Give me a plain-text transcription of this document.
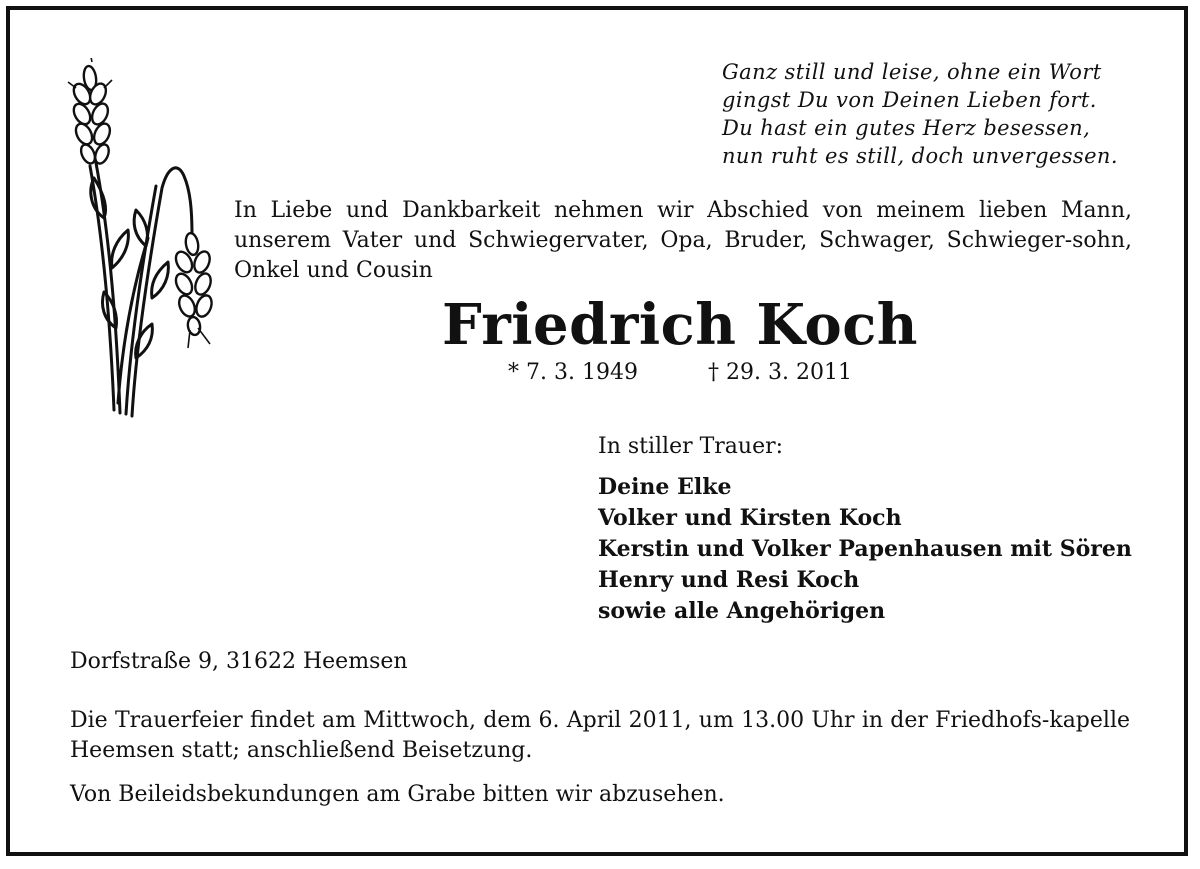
Ganz still und leise, ohne ein Wort
gingst Du von Deinen Lieben fort.
Du hast ein gutes Herz besessen,
nun ruht es still, doch unvergessen.
In Liebe und Dankbarkeit nehmen wir Abschied von meinem lieben Mann, unserem Vater und Schwiegervater, Opa, Bruder, Schwager, Schwieger-sohn, Onkel und Cousin
Friedrich Koch
* 7. 3. 1949	† 29. 3. 2011
In stiller Trauer:
Deine Elke
Volker und Kirsten Koch
Kerstin und Volker Papenhausen mit Sören
Henry und Resi Koch
sowie alle Angehörigen
Dorfstraße 9, 31622 Heemsen
Die Trauerfeier findet am Mittwoch, dem 6. April 2011, um 13.00 Uhr in der Friedhofs-kapelle Heemsen statt; anschließend Beisetzung.
Von Beileidsbekundungen am Grabe bitten wir abzusehen.
